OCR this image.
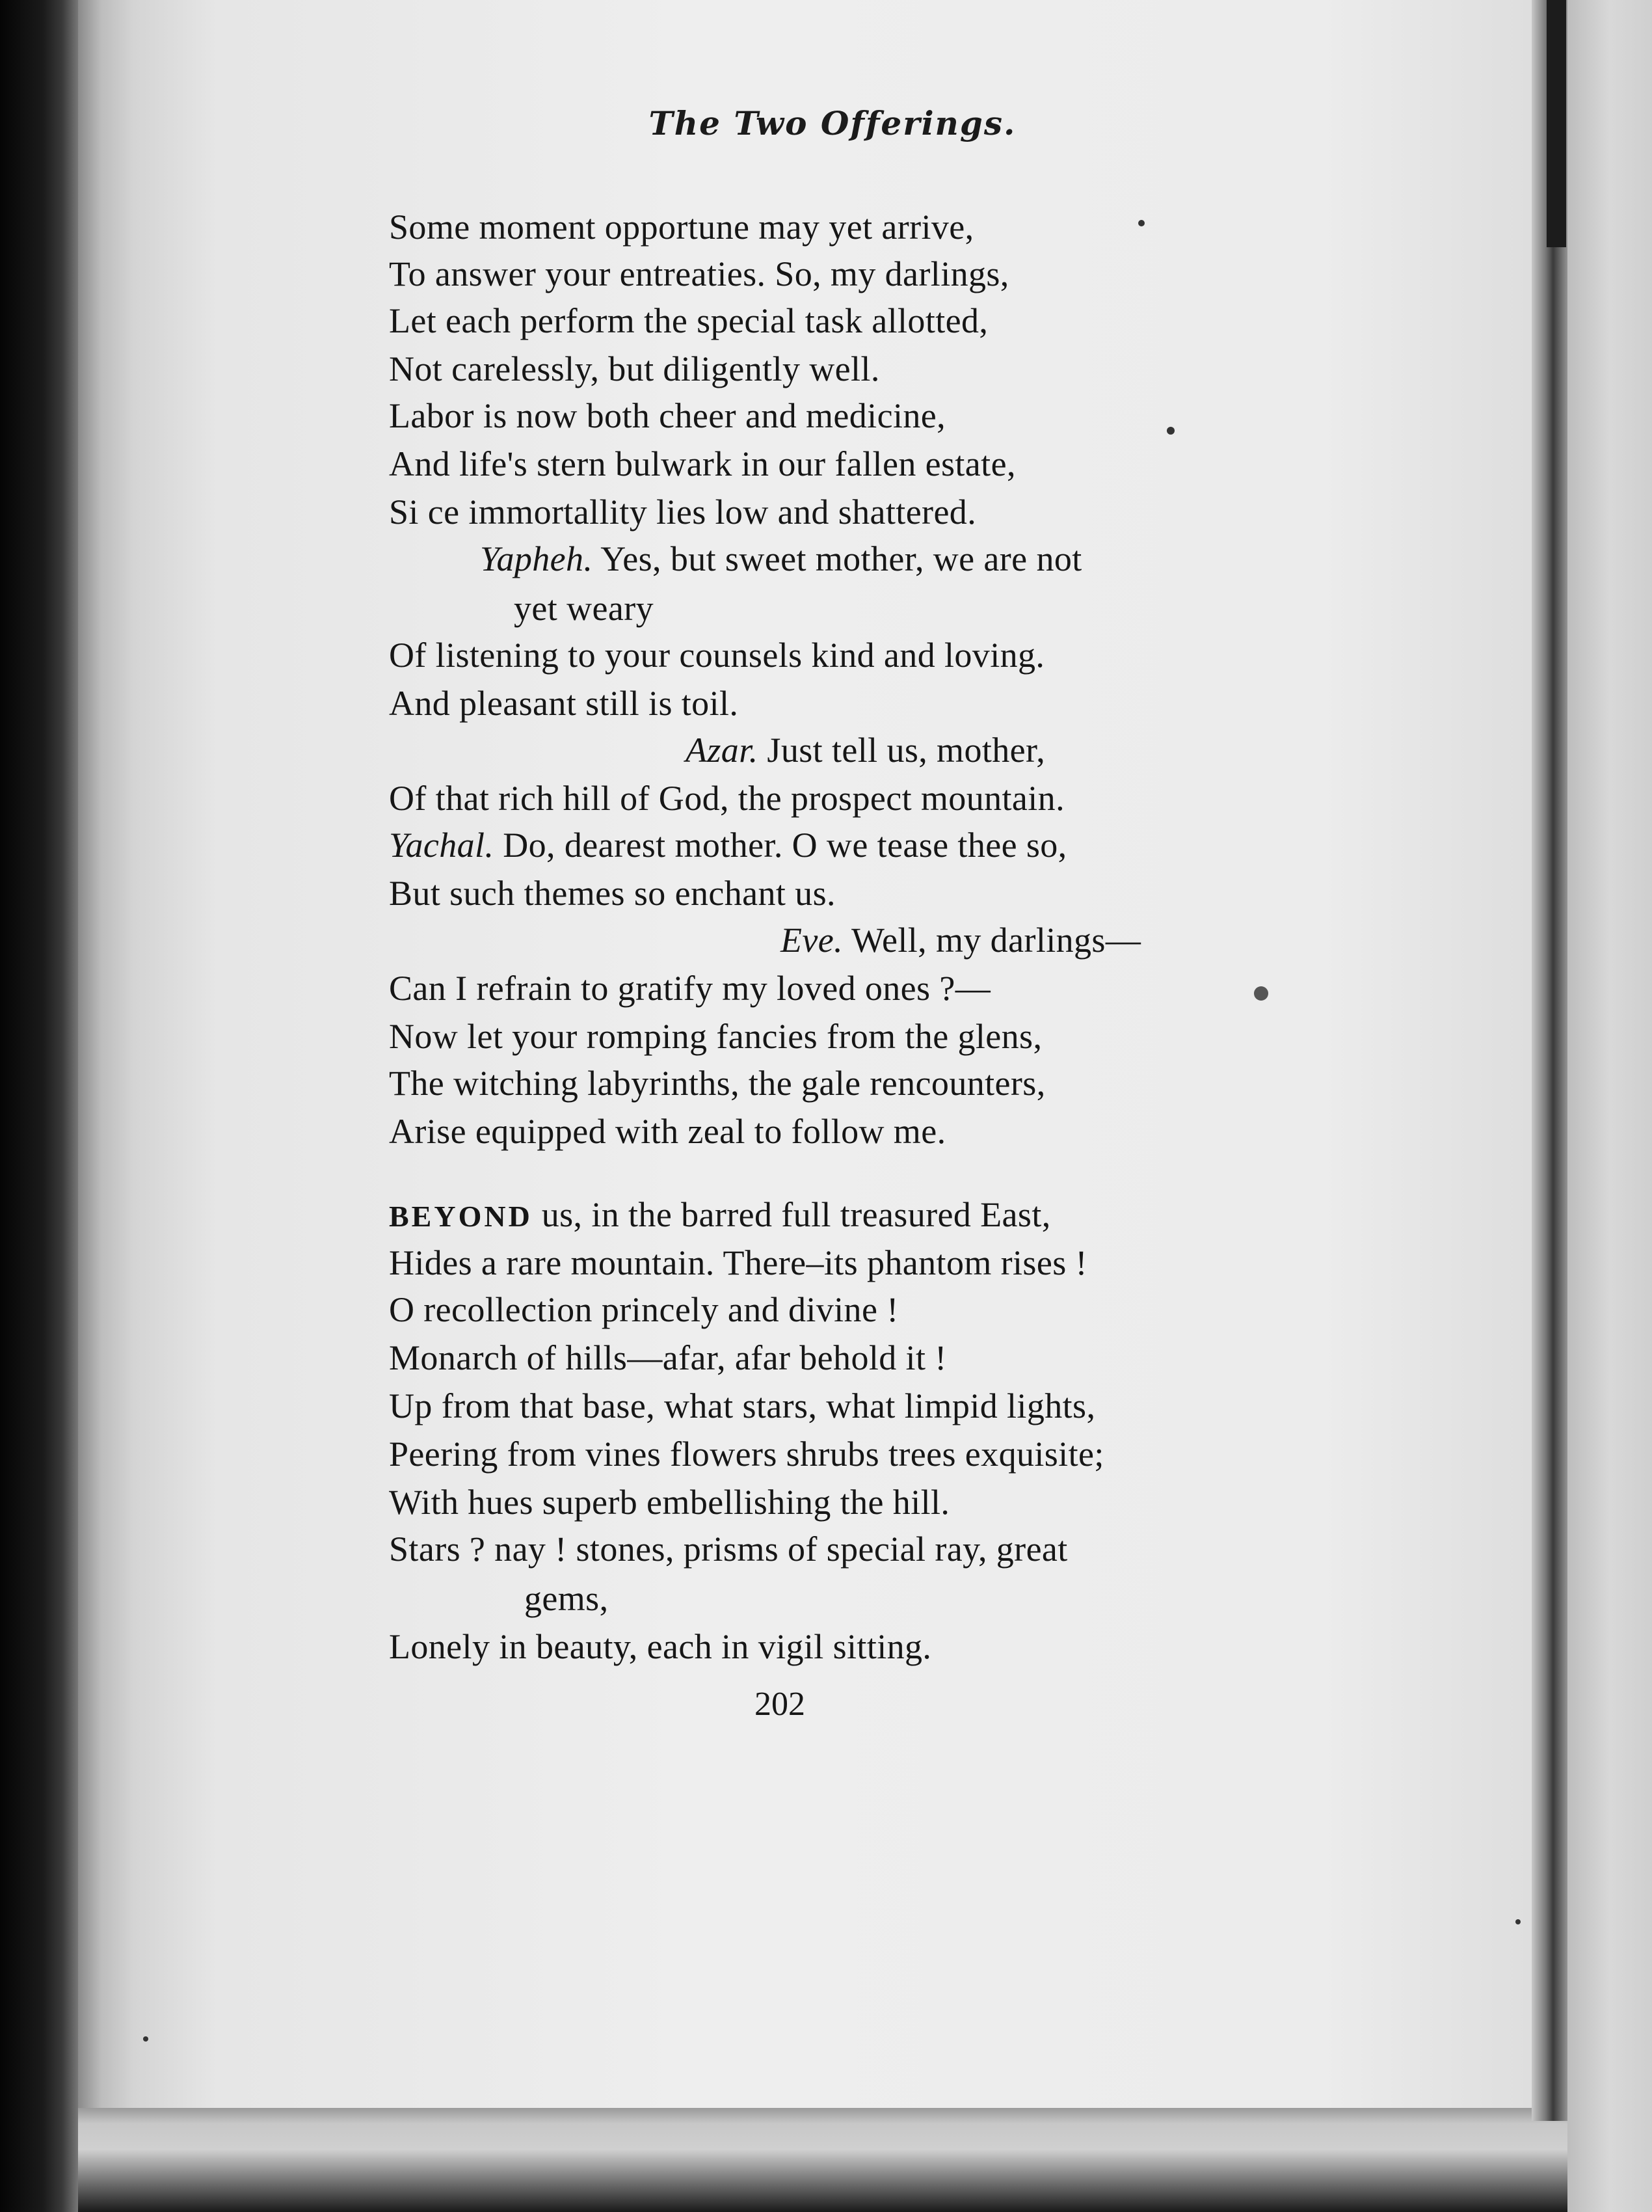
The Two Offerings.
Some moment opportune may yet arrive,
To answer your entreaties. So, my darlings,
Let each perform the special task allotted,
Not carelessly, but diligently well.
Labor is now both cheer and medicine,
And life's stern bulwark in our fallen estate,
Si ce immortallity lies low and shattered.
Yapheh. Yes, but sweet mother, we are not
yet weary
Of listening to your counsels kind and loving.
And pleasant still is toil.
Azar. Just tell us, mother,
Of that rich hill of God, the prospect mountain.
Yachal. Do, dearest mother. O we tease thee so,
But such themes so enchant us.
Eve. Well, my darlings—
Can I refrain to gratify my loved ones ?—
Now let your romping fancies from the glens,
The witching labyrinths, the gale rencounters,
Arise equipped with zeal to follow me.
BEYOND us, in the barred full treasured East,
Hides a rare mountain. There–its phantom rises !
O recollection princely and divine !
Monarch of hills—afar, afar behold it !
Up from that base, what stars, what limpid lights,
Peering from vines flowers shrubs trees exquisite;
With hues superb embellishing the hill.
Stars ? nay ! stones, prisms of special ray, great
gems,
Lonely in beauty, each in vigil sitting.
202
